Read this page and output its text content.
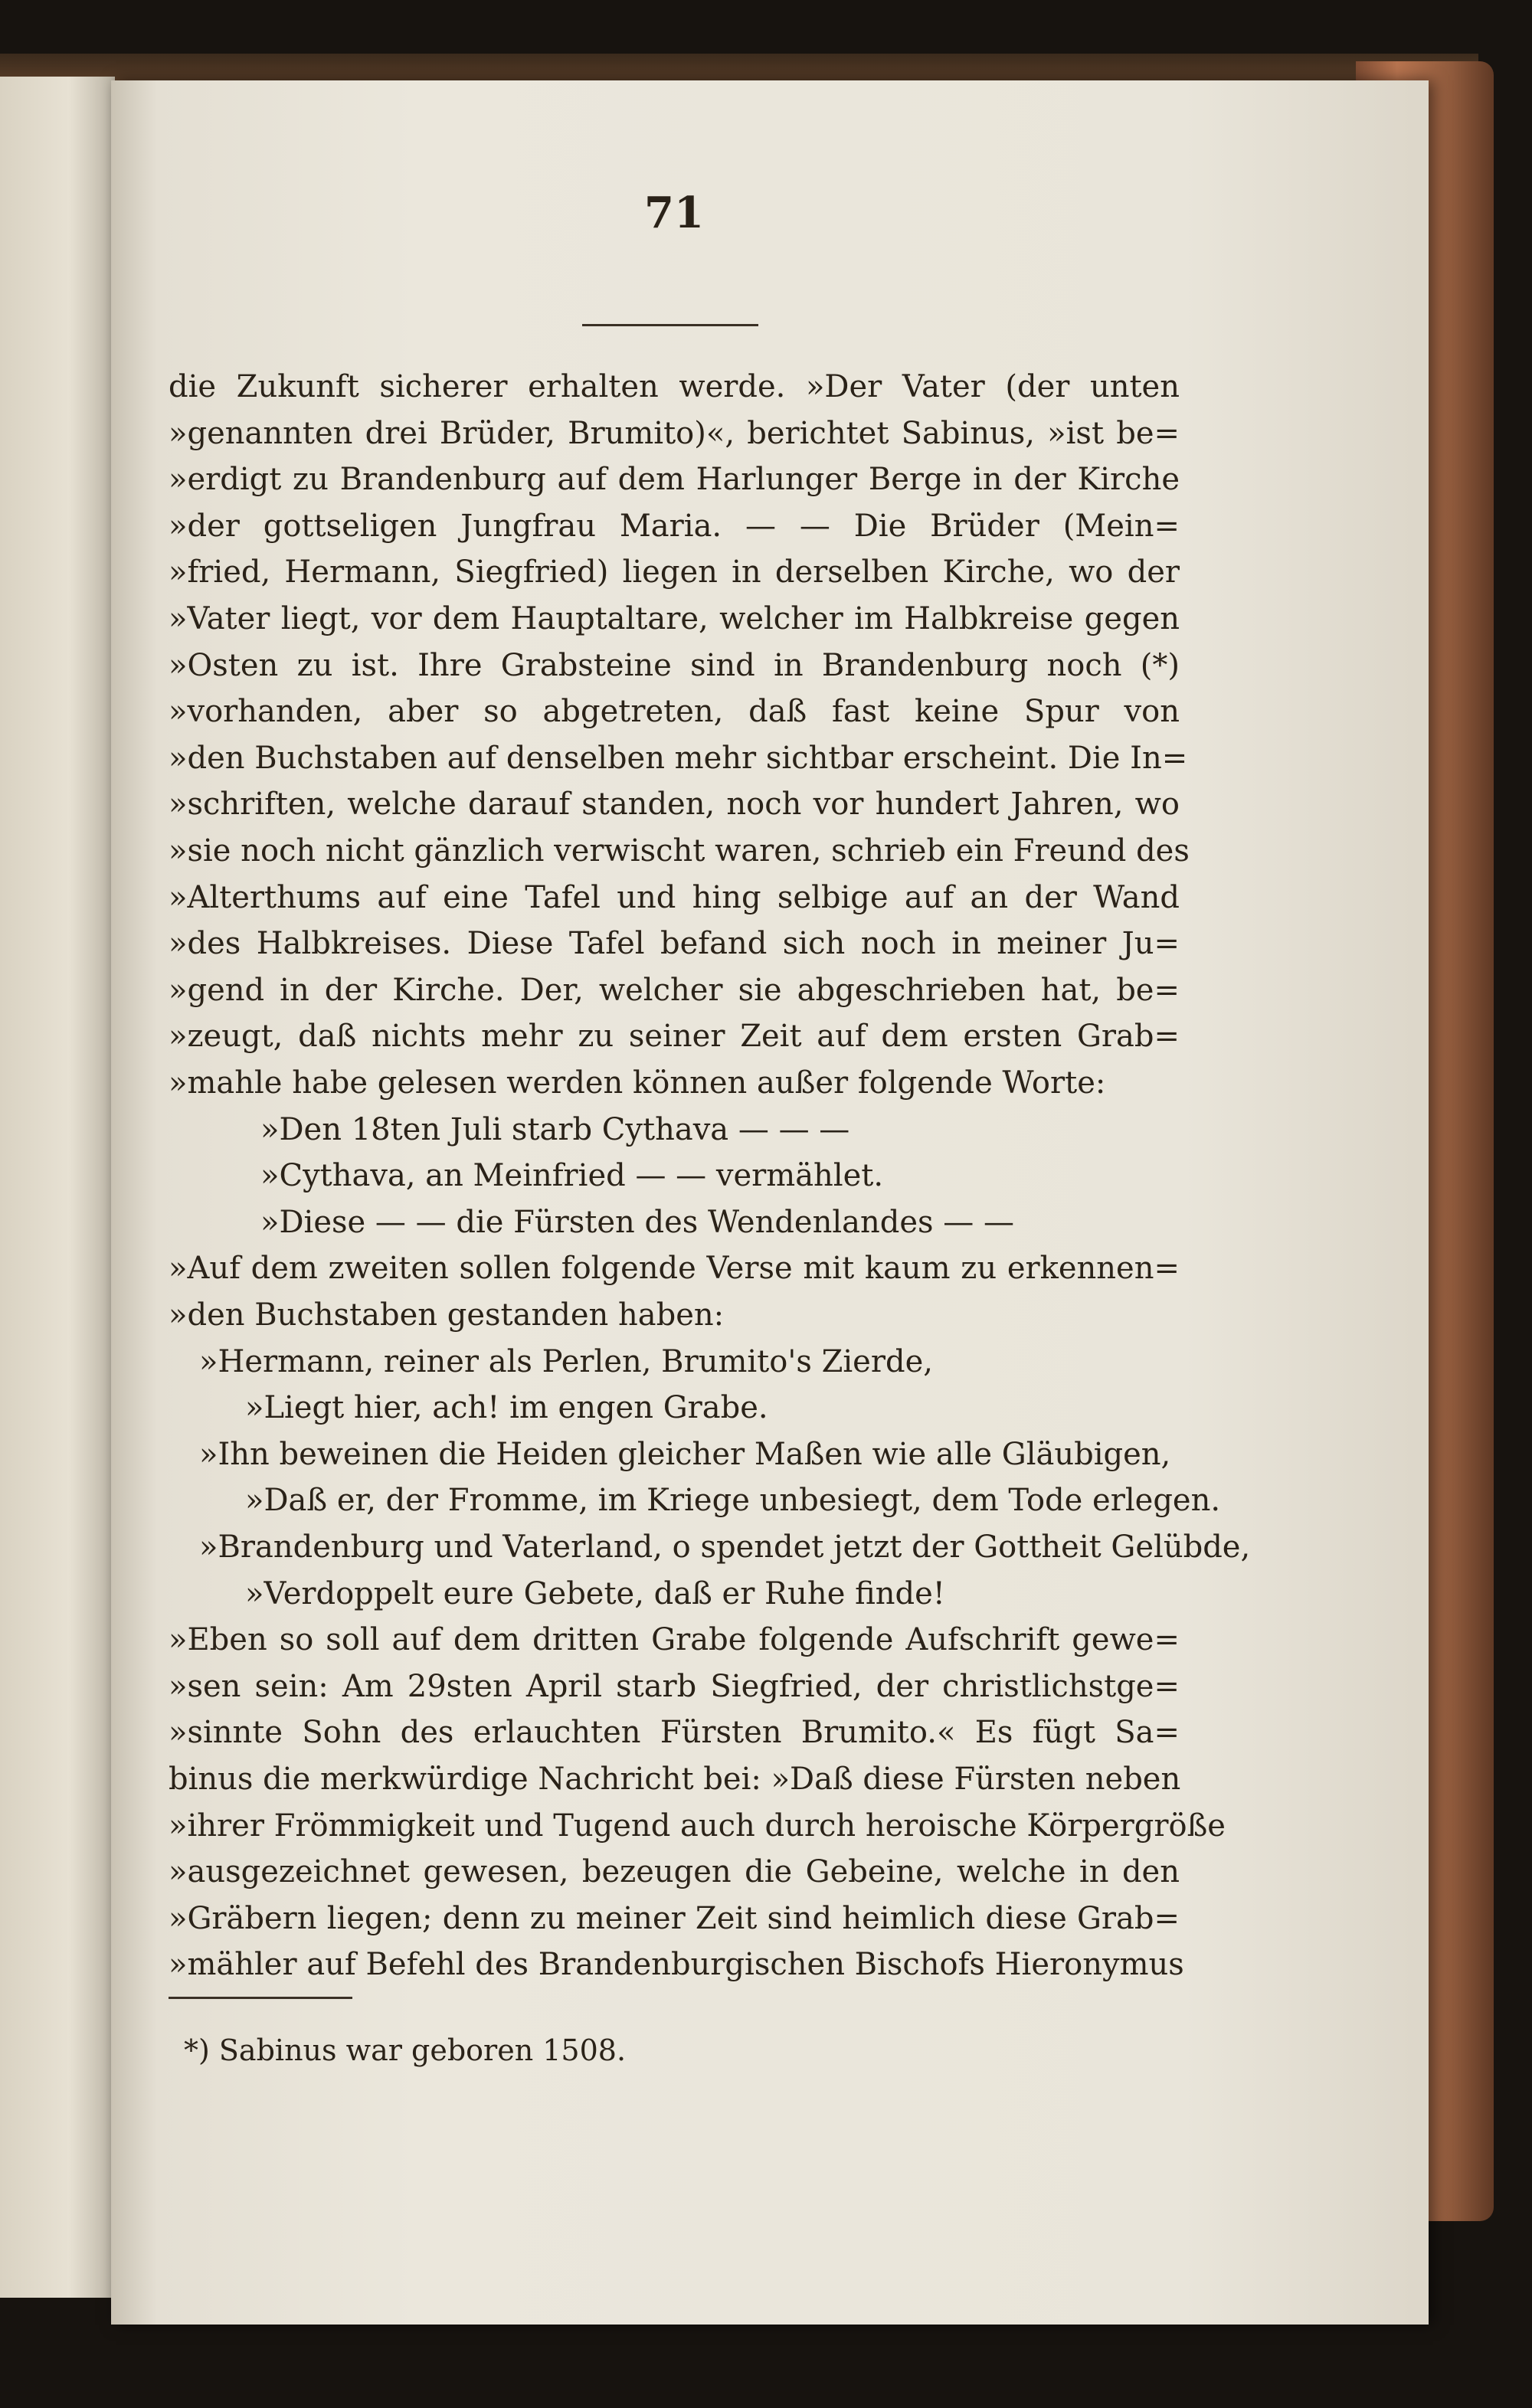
71
die Zukunft sicherer erhalten werde. »Der Vater (der unten
»genannten drei Brüder, Brumito)«, berichtet Sabinus, »ist be=
»erdigt zu Brandenburg auf dem Harlunger Berge in der Kirche
»der gottseligen Jungfrau Maria. — — Die Brüder (Mein=
»fried, Hermann, Siegfried) liegen in derselben Kirche, wo der
»Vater liegt, vor dem Hauptaltare, welcher im Halbkreise gegen
»Osten zu ist. Ihre Grabsteine sind in Brandenburg noch (*)
»vorhanden, aber so abgetreten, daß fast keine Spur von
»den Buchstaben auf denselben mehr sichtbar erscheint. Die In=
»schriften, welche darauf standen, noch vor hundert Jahren, wo
»sie noch nicht gänzlich verwischt waren, schrieb ein Freund des
»Alterthums auf eine Tafel und hing selbige auf an der Wand
»des Halbkreises. Diese Tafel befand sich noch in meiner Ju=
»gend in der Kirche. Der, welcher sie abgeschrieben hat, be=
»zeugt, daß nichts mehr zu seiner Zeit auf dem ersten Grab=
»mahle habe gelesen werden können außer folgende Worte:
»Den 18ten Juli starb Cythava — — —
»Cythava, an Meinfried — — vermählet.
»Diese — — die Fürsten des Wendenlandes — —
»Auf dem zweiten sollen folgende Verse mit kaum zu erkennen=
»den Buchstaben gestanden haben:
»Hermann, reiner als Perlen, Brumito's Zierde,
»Liegt hier, ach! im engen Grabe.
»Ihn beweinen die Heiden gleicher Maßen wie alle Gläubigen,
»Daß er, der Fromme, im Kriege unbesiegt, dem Tode erlegen.
»Brandenburg und Vaterland, o spendet jetzt der Gottheit Gelübde,
»Verdoppelt eure Gebete, daß er Ruhe finde!
»Eben so soll auf dem dritten Grabe folgende Aufschrift gewe=
»sen sein: Am 29sten April starb Siegfried, der christlichstge=
»sinnte Sohn des erlauchten Fürsten Brumito.« Es fügt Sa=
binus die merkwürdige Nachricht bei: »Daß diese Fürsten neben
»ihrer Frömmigkeit und Tugend auch durch heroische Körpergröße
»ausgezeichnet gewesen, bezeugen die Gebeine, welche in den
»Gräbern liegen; denn zu meiner Zeit sind heimlich diese Grab=
»mähler auf Befehl des Brandenburgischen Bischofs Hieronymus
*) Sabinus war geboren 1508.
